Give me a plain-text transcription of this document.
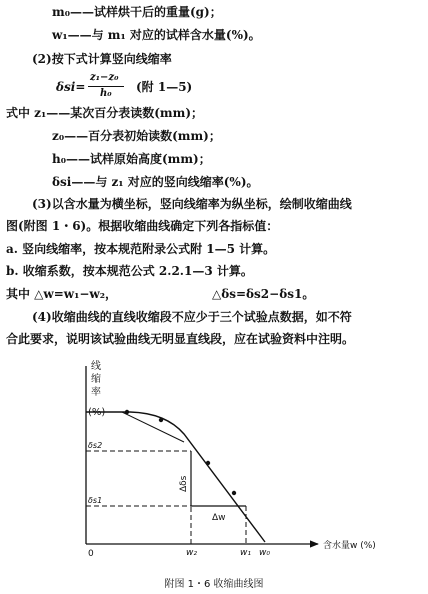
m₀——试样烘干后的重量(g)；
w₁——与 m₁ 对应的试样含水量(%)。
(2)按下式计算竖向线缩率
δsi=
z₁−z₀
h₀ (附 1—5)
式中 z₁——某次百分表读数(mm)；
z₀——百分表初始读数(mm)；
h₀——试样原始高度(mm)；
δsi——与 z₁ 对应的竖向线缩率(%)。
(3)以含水量为横坐标，竖向线缩率为纵坐标，绘制收缩曲线
图(附图 1・6)。根据收缩曲线确定下列各指标值：
a. 竖向线缩率，按本规范附录公式附 1—5 计算。
b. 收缩系数，按本规范公式 2.2.1—3 计算。
其中 △w=w₁−w₂，	△δs=δs2−δs1。
(4)收缩曲线的直线收缩段不应少于三个试验点数据，如不符
合此要求，说明该试验曲线无明显直线段，应在试验资料中注明。
线
缩
率
(%)
δs2
δs1
0	w₂	w₁ w₀
含水量w (%)
Δδs
Δw
附图 1・6 收缩曲线图
